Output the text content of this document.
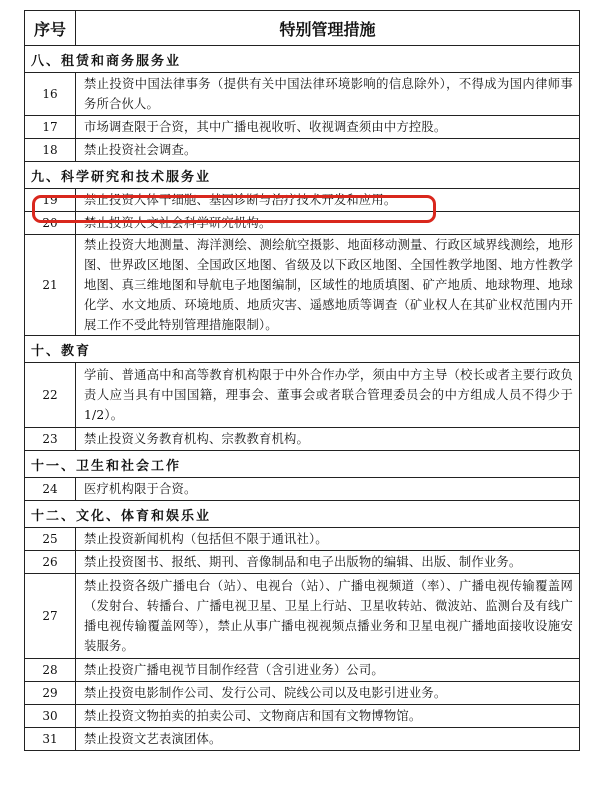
序号	特别管理措施
八、租赁和商务服务业	
16	禁止投资中国法律事务（提供有关中国法律环境影响的信息除外），不得成为国内律师事务所合伙人。
17	市场调查限于合资，其中广播电视收听、收视调查须由中方控股。
18	禁止投资社会调查。
九、科学研究和技术服务业	
19	禁止投资人体干细胞、基因诊断与治疗技术开发和应用。
20	禁止投资人文社会科学研究机构。
21	禁止投资大地测量、海洋测绘、测绘航空摄影、地面移动测量、行政区域界线测绘，地形图、世界政区地图、全国政区地图、省级及以下政区地图、全国性教学地图、地方性教学地图、真三维地图和导航电子地图编制，区域性的地质填图、矿产地质、地球物理、地球化学、水文地质、环境地质、地质灾害、遥感地质等调查（矿业权人在其矿业权范围内开展工作不受此特别管理措施限制）。
十、教育	
22	学前、普通高中和高等教育机构限于中外合作办学，须由中方主导（校长或者主要行政负责人应当具有中国国籍，理事会、董事会或者联合管理委员会的中方组成人员不得少于 1/2）。
23	禁止投资义务教育机构、宗教教育机构。
十一、卫生和社会工作	
24	医疗机构限于合资。
十二、文化、体育和娱乐业	
25	禁止投资新闻机构（包括但不限于通讯社）。
26	禁止投资图书、报纸、期刊、音像制品和电子出版物的编辑、出版、制作业务。
27	禁止投资各级广播电台（站）、电视台（站）、广播电视频道（率）、广播电视传输覆盖网（发射台、转播台、广播电视卫星、卫星上行站、卫星收转站、微波站、监测台及有线广播电视传输覆盖网等），禁止从事广播电视视频点播业务和卫星电视广播地面接收设施安装服务。
28	禁止投资广播电视节目制作经营（含引进业务）公司。
29	禁止投资电影制作公司、发行公司、院线公司以及电影引进业务。
30	禁止投资文物拍卖的拍卖公司、文物商店和国有文物博物馆。
31	禁止投资文艺表演团体。
